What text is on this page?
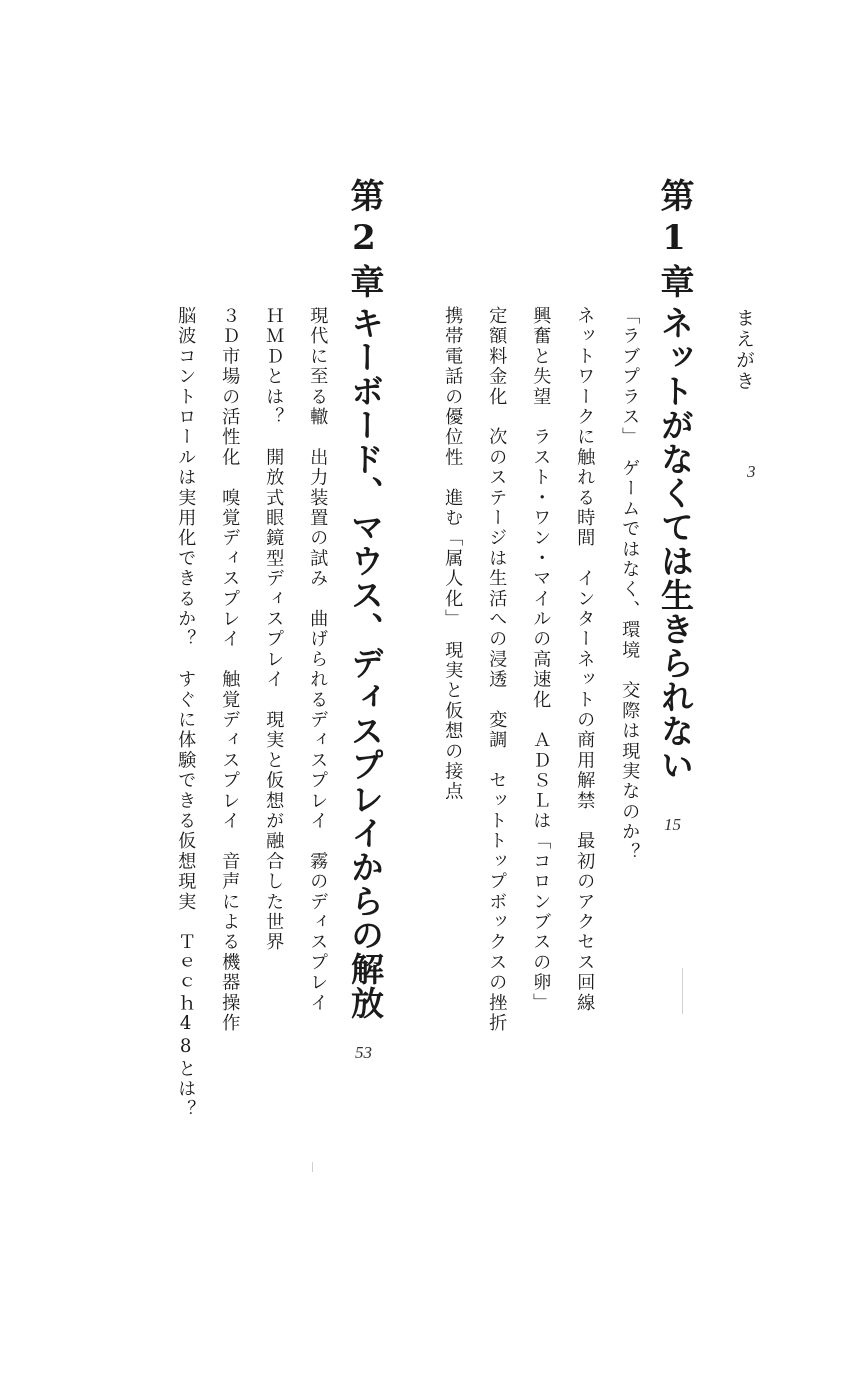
まえがき
3
第1章
ネットがなくては生きられない
15
「ラブプラス」　ゲームではなく、環境　交際は現実なのか？
ネットワークに触れる時間　インターネットの商用解禁　最初のアクセス回線
興奮と失望　ラスト・ワン・マイルの高速化　ＡＤＳＬは「コロンブスの卵」
定額料金化　次のステージは生活への浸透　変調　セットトップボックスの挫折
携帯電話の優位性　進む「属人化」　現実と仮想の接点
第2章
キーボード、マウス、ディスプレイからの解放
53
現代に至る轍　出力装置の試み　曲げられるディスプレイ　霧のディスプレイ
ＨＭＤとは？　開放式眼鏡型ディスプレイ　現実と仮想が融合した世界
３Ｄ市場の活性化　嗅覚ディスプレイ　触覚ディスプレイ　音声による機器操作
脳波コントロールは実用化できるか？　すぐに体験できる仮想現実　Ｔｅｃｈ48とは？
